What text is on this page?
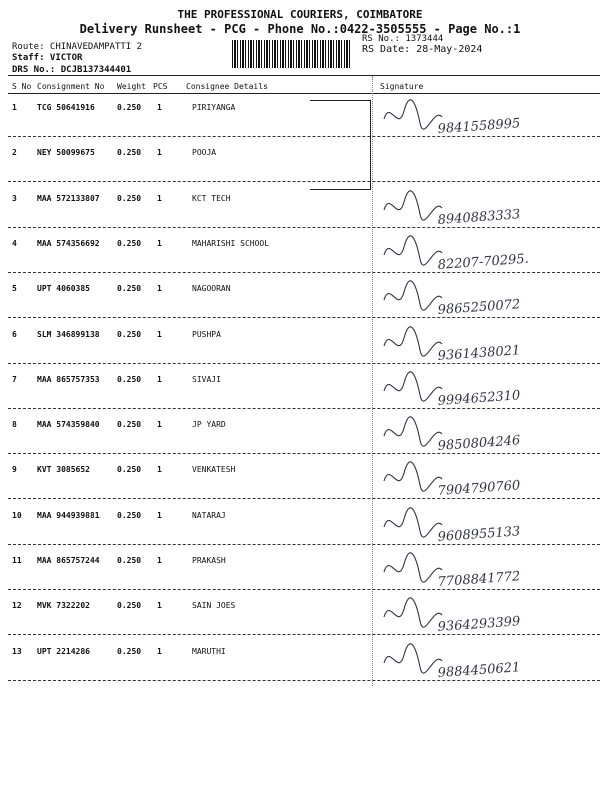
THE PROFESSIONAL COURIERS, COIMBATORE
Delivery Runsheet - PCG - Phone No.:0422-3505555 - Page No.:1
Route: CHINAVEDAMPATTI 2
Staff: VICTOR
DRS No.: DCJB137344401
RS No.: 1373444
RS Date: 28-May-2024
S No Consignment No Weight PCS Consignee Details	Signature
1	TCG 50641916	0.250 1	PIRIYANGA
9841558995
2	NEY 50099675	0.250 1	POOJA
3	MAA 572133807 0.250 1	KCT TECH
8940883333
4	MAA 574356692 0.250 1	MAHARISHI SCHOOL
82207-70295.
5	UPT 4060385	0.250 1	NAGOORAN
9865250072
6	SLM 346899138 0.250 1	PUSHPA
9361438021
7	MAA 865757353 0.250 1	SIVAJI
9994652310
8	MAA 574359840 0.250 1	JP YARD
9850804246
9	KVT 3085652	0.250 1	VENKATESH
7904790760
10 MAA 944939881 0.250 1	NATARAJ
9608955133
11 MAA 865757244 0.250 1	PRAKASH
7708841772
12 MVK 7322202	0.250 1	SAIN JOES
9364293399
13 UPT 2214286	0.250 1	MARUTHI
9884450621
